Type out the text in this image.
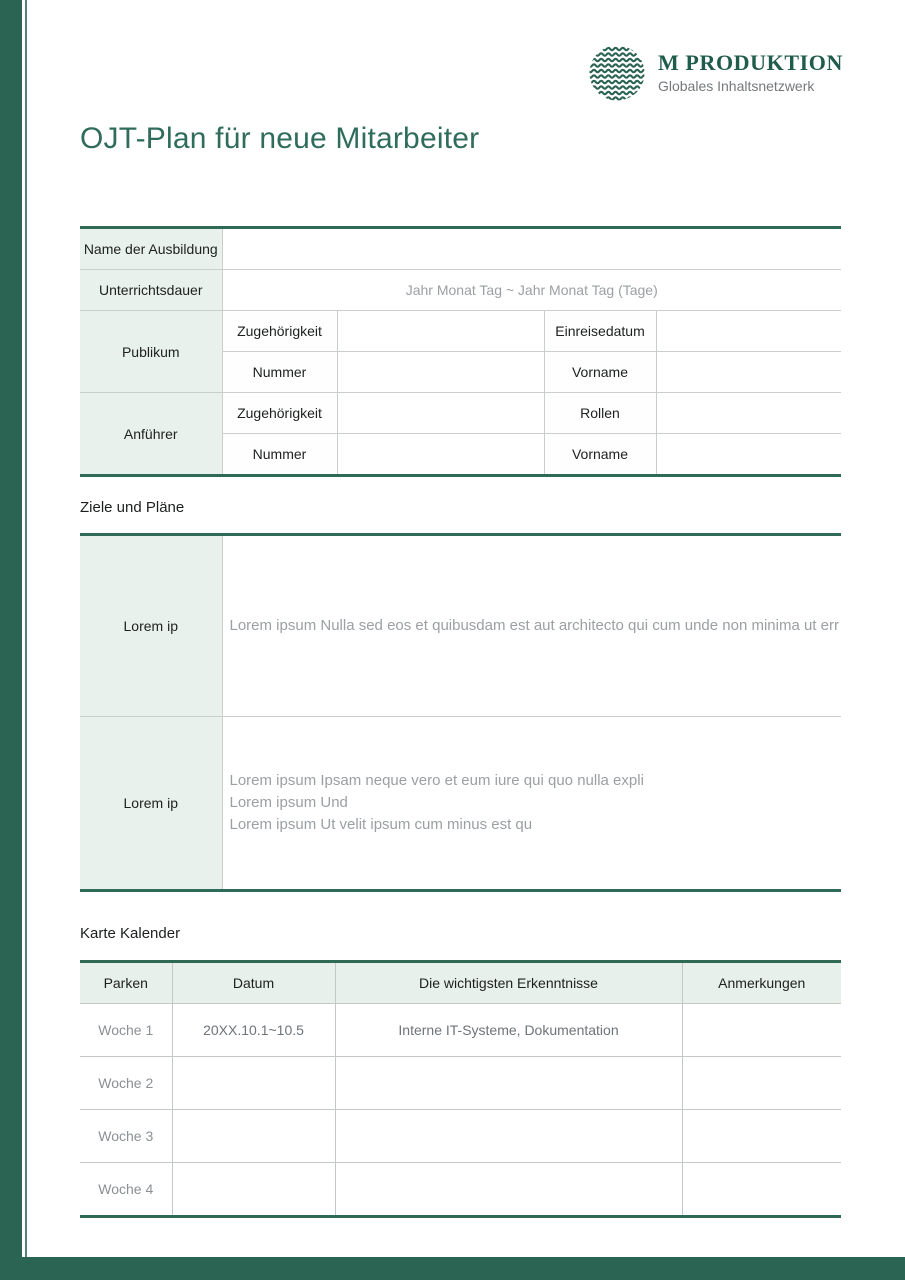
M PRODUKTION
Globales Inhaltsnetzwerk
OJT-Plan für neue Mitarbeiter
Name der Ausbildung				
Unterrichtsdauer	Jahr Monat Tag ~ Jahr Monat Tag (Tage)			
Publikum	Zugehörigkeit		Einreisedatum	
	Nummer		Vorname	
Anführer	Zugehörigkeit		Rollen	
	Nummer		Vorname	
Ziele und Pläne
Lorem ip	Lorem ipsum Nulla sed eos et quibusdam est aut architecto qui cum unde non minima ut err

Lorem ip	Lorem ipsum Ipsam neque vero et eum iure qui quo nulla expli
Lorem ipsum Und
Lorem ipsum Ut velit ipsum cum minus est qu
Karte Kalender
Parken	Datum	Die wichtigsten Erkenntnisse	Anmerkungen
Woche 1	20XX.10.1~10.5	Interne IT-Systeme, Dokumentation	
Woche 2			
Woche 3			
Woche 4			
